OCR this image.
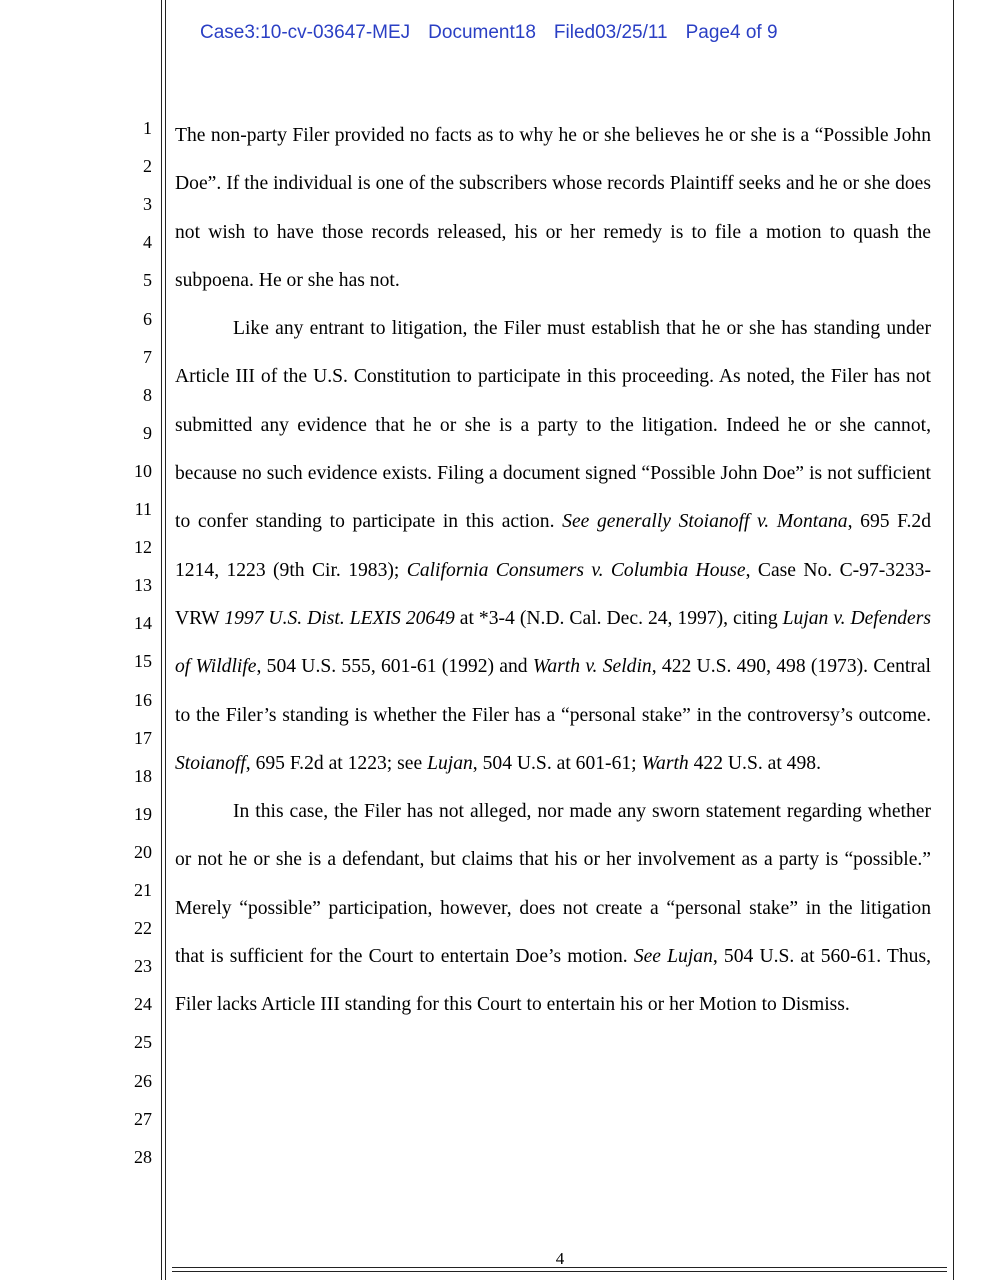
Case3:10-cv-03647-MEJ Document18 Filed03/25/11 Page4 of 9
1
2
3
4
5
6
7
8
9
10
11
12
13
14
15
16
17
18
19
20
21
22
23
24
25
26
27
28

The non-party Filer provided no facts as to why he or she believes he or she is a “Possible John Doe”. If the individual is one of the subscribers whose records Plaintiff seeks and he or she does not wish to have those records released, his or her remedy is to file a motion to quash the subpoena. He or she has not.

Like any entrant to litigation, the Filer must establish that he or she has standing under Article III of the U.S. Constitution to participate in this proceeding. As noted, the Filer has not submitted any evidence that he or she is a party to the litigation. Indeed he or she cannot, because no such evidence exists. Filing a document signed “Possible John Doe” is not sufficient to confer standing to participate in this action. See generally Stoianoff v. Montana, 695 F.2d 1214, 1223 (9th Cir. 1983); California Consumers v. Columbia House, Case No. C-97-3233-VRW 1997 U.S. Dist. LEXIS 20649 at *3-4 (N.D. Cal. Dec. 24, 1997), citing Lujan v. Defenders of Wildlife, 504 U.S. 555, 601-61 (1992) and Warth v. Seldin, 422 U.S. 490, 498 (1973). Central to the Filer’s standing is whether the Filer has a “personal stake” in the controversy’s outcome. Stoianoff, 695 F.2d at 1223; see Lujan, 504 U.S. at 601-61; Warth 422 U.S. at 498.

In this case, the Filer has not alleged, nor made any sworn statement regarding whether or not he or she is a defendant, but claims that his or her involvement as a party is “possible.” Merely “possible” participation, however, does not create a “personal stake” in the litigation that is sufficient for the Court to entertain Doe’s motion. See Lujan, 504 U.S. at 560-61. Thus, Filer lacks Article III standing for this Court to entertain his or her Motion to Dismiss.

4
